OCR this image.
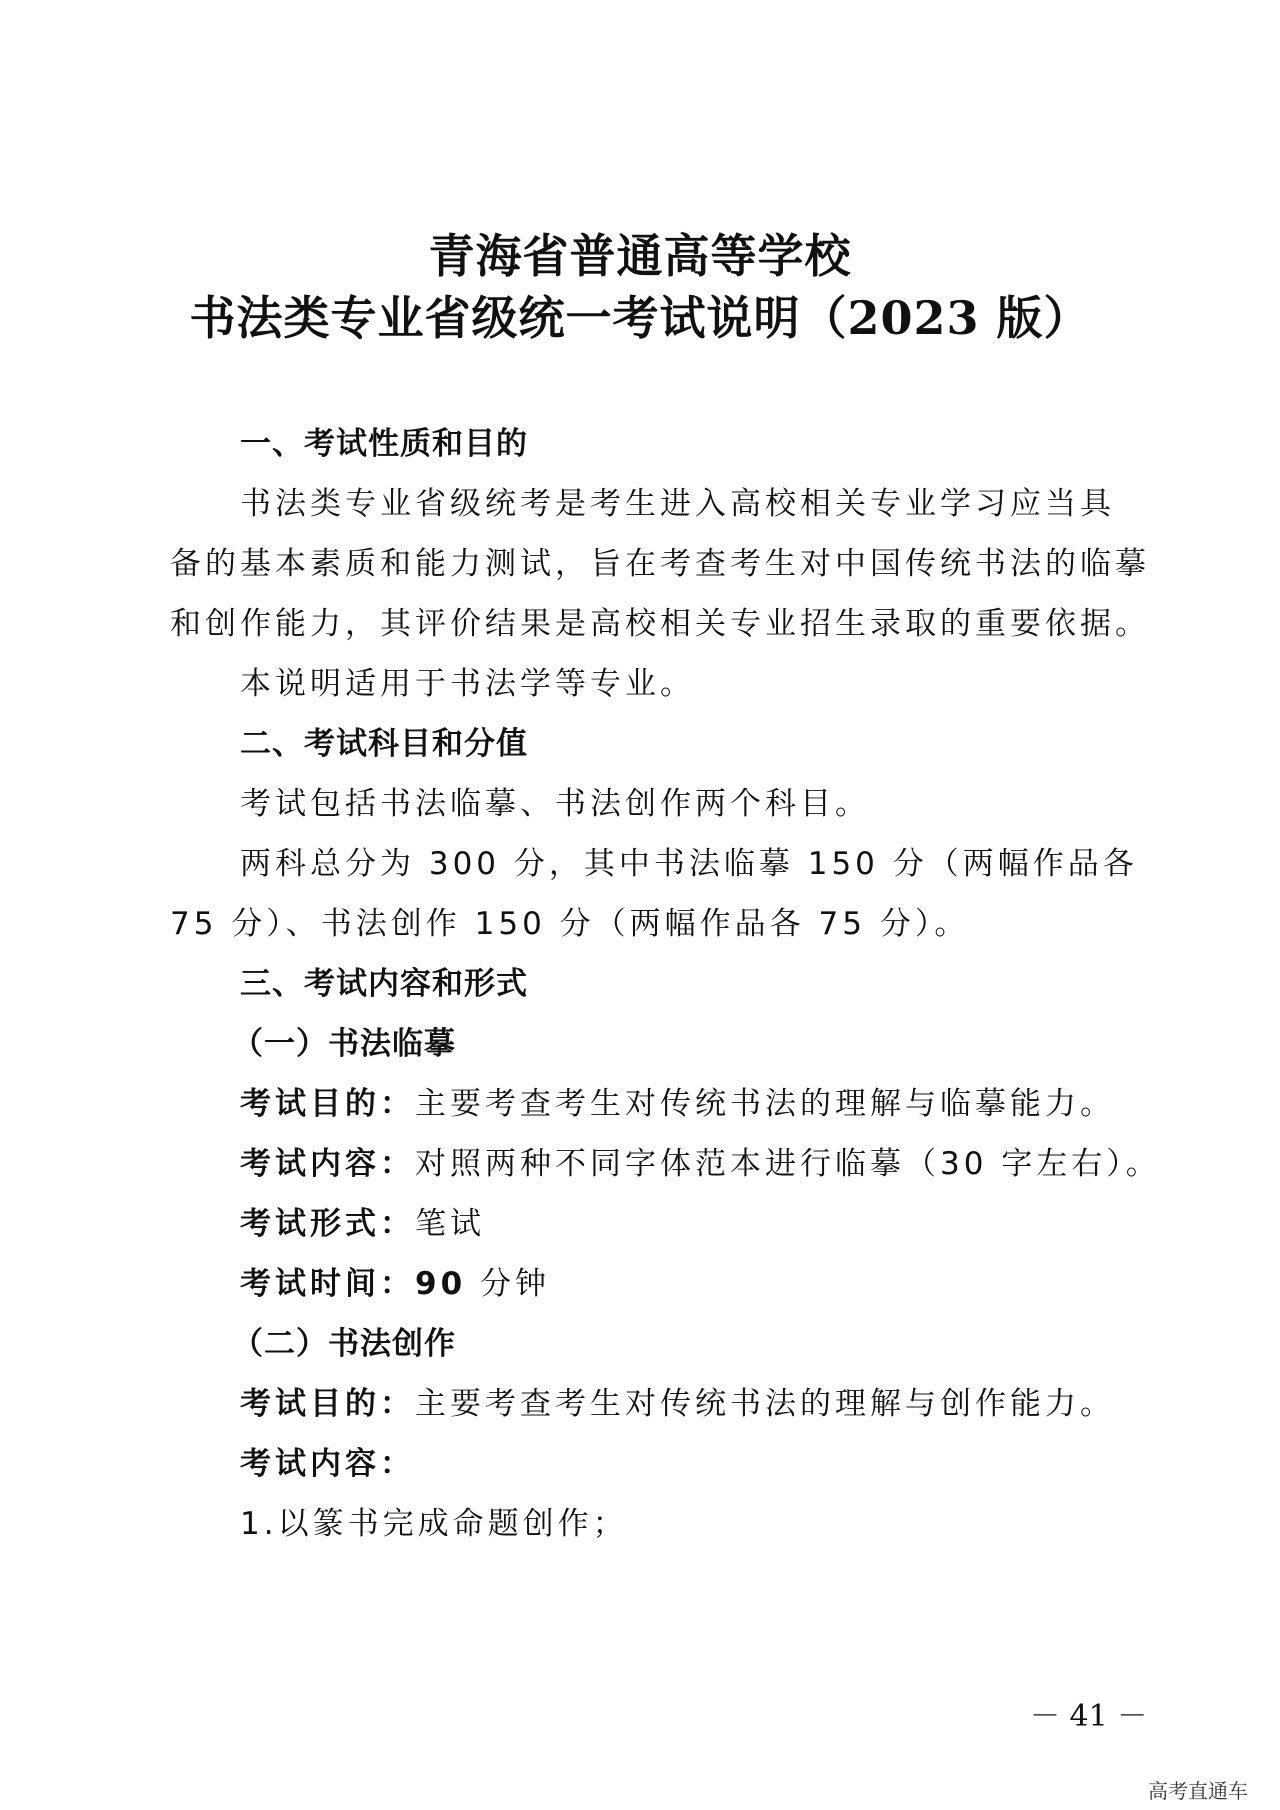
青海省普通高等学校
书法类专业省级统一考试说明（2023 版）
一、考试性质和目的
书法类专业省级统考是考生进入高校相关专业学习应当具
备的基本素质和能力测试，旨在考查考生对中国传统书法的临摹
和创作能力，其评价结果是高校相关专业招生录取的重要依据。
本说明适用于书法学等专业。
二、考试科目和分值
考试包括书法临摹、书法创作两个科目。
两科总分为 300 分，其中书法临摹 150 分（两幅作品各
75 分）、书法创作 150 分（两幅作品各 75 分）。
三、考试内容和形式
（一）书法临摹
考试目的：主要考查考生对传统书法的理解与临摹能力。
考试内容：对照两种不同字体范本进行临摹（30 字左右）。
考试形式：笔试
考试时间：90 分钟
（二）书法创作
考试目的：主要考查考生对传统书法的理解与创作能力。
考试内容：
1.以篆书完成命题创作；
－ 41 －
高考直通车
